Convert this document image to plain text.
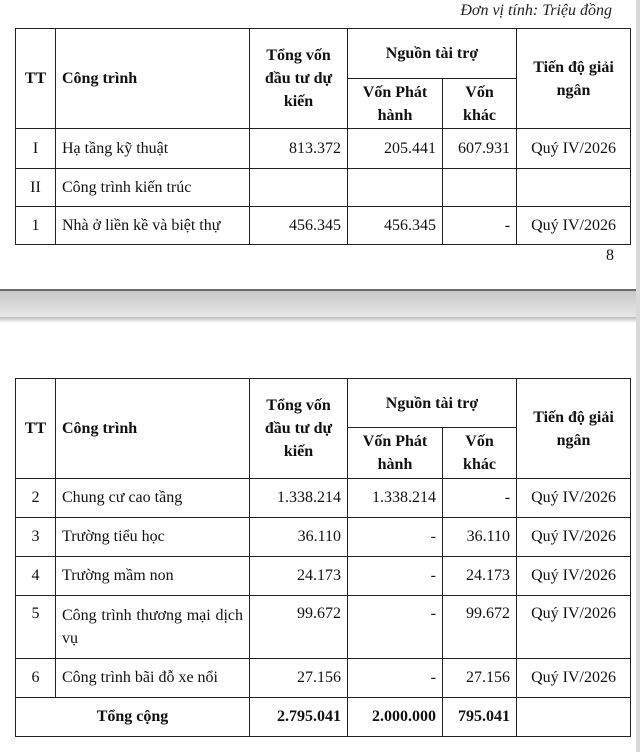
Đơn vị tính: Triệu đồng
TT	Công trình	Tổng vốn đầu tư dự kiến	Nguồn tài trợ		Tiến độ giải ngân
			Vốn Phát hành	Vốn khác	
I	Hạ tầng kỹ thuật	813.372	205.441	607.931	Quý IV/2026
II	Công trình kiến trúc				
1	Nhà ở liền kề và biệt thự	456.345	456.345	-	Quý IV/2026
8
TT	Công trình	Tổng vốn đầu tư dự kiến	Nguồn tài trợ		Tiến độ giải ngân
			Vốn Phát hành	Vốn khác	
2	Chung cư cao tầng	1.338.214	1.338.214	-	Quý IV/2026
3	Trường tiểu học	36.110	-	36.110	Quý IV/2026
4	Trường mầm non	24.173	-	24.173	Quý IV/2026
5	Công trình thương mại dịch vụ	99.672	-	99.672	Quý IV/2026
6	Công trình bãi đỗ xe nổi	27.156	-	27.156	Quý IV/2026
Tổng cộng		2.795.041	2.000.000	795.041	
